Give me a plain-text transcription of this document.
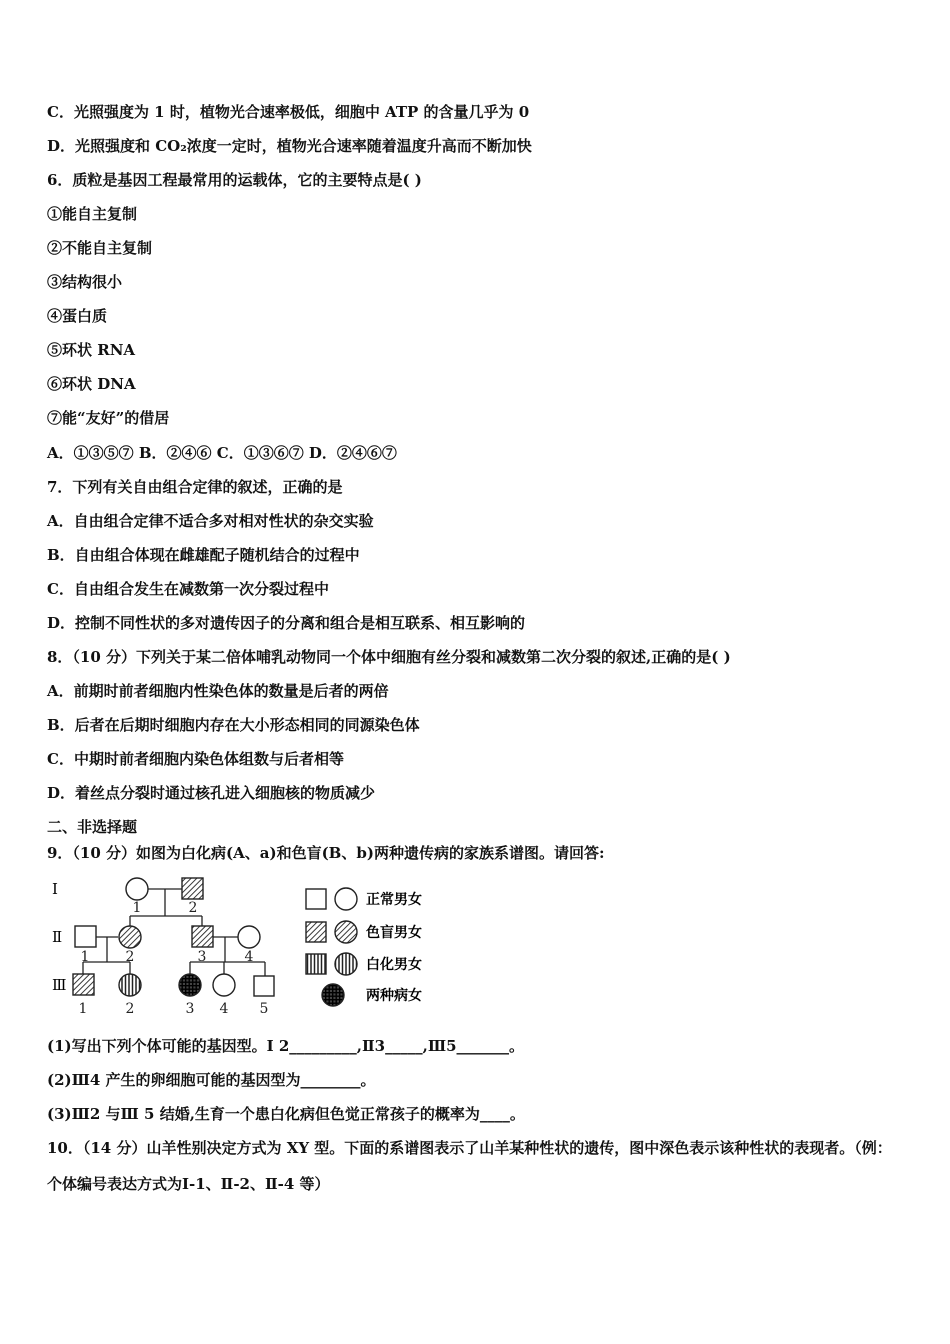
C．光照强度为 1 时，植物光合速率极低，细胞中 ATP 的含量几乎为 0
D．光照强度和 CO₂浓度一定时，植物光合速率随着温度升高而不断加快
6．质粒是基因工程最常用的运载体，它的主要特点是( )
①能自主复制
②不能自主复制
③结构很小
④蛋白质
⑤环状 RNA
⑥环状 DNA
⑦能“友好”的借居
A．①③⑤⑦ B．②④⑥ C．①③⑥⑦ D．②④⑥⑦
7．下列有关自由组合定律的叙述，正确的是
A．自由组合定律不适合多对相对性状的杂交实验
B．自由组合体现在雌雄配子随机结合的过程中
C．自由组合发生在减数第一次分裂过程中
D．控制不同性状的多对遗传因子的分离和组合是相互联系、相互影响的
8．（10 分）下列关于某二倍体哺乳动物同一个体中细胞有丝分裂和减数第二次分裂的叙述,正确的是( )
A．前期时前者细胞内性染色体的数量是后者的两倍
B．后者在后期时细胞内存在大小形态相同的同源染色体
C．中期时前者细胞内染色体组数与后者相等
D．着丝点分裂时通过核孔进入细胞核的物质减少
二、非选择题
9．（10 分）如图为白化病(A、a)和色盲(B、b)两种遗传病的家族系谱图。请回答:
Ⅰ
Ⅱ
Ⅲ
1	2
1	2	3	4
1	2	3 4 5
正常男女
色盲男女
白化男女
两种病女
(1)写出下列个体可能的基因型。Ⅰ 2_________,Ⅱ3_____,Ⅲ5_______。
(2)Ⅲ4 产生的卵细胞可能的基因型为________。
(3)Ⅲ2 与Ⅲ 5 结婚,生育一个患白化病但色觉正常孩子的概率为____。
10．（14 分）山羊性别决定方式为 XY 型。下面的系谱图表示了山羊某种性状的遗传，图中深色表示该种性状的表现者。（例：个体编号表达方式为Ⅰ-1、Ⅱ-2、Ⅱ-4 等）
